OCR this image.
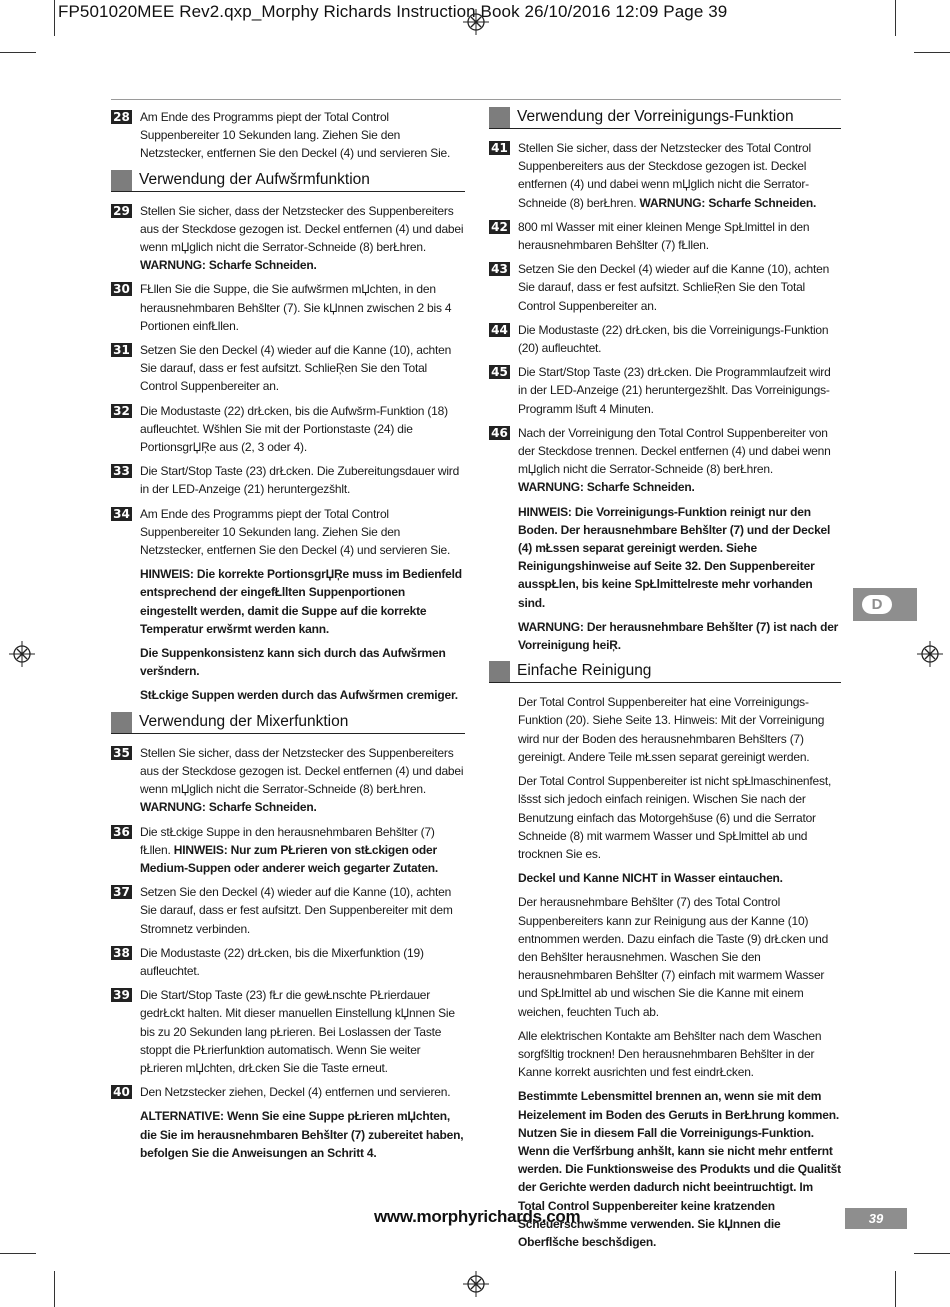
FP501020MEE Rev2.qxp_Morphy Richards Instruction Book 26/10/2016 12:09 Page 39
28 Am Ende des Programms piept der Total Control Suppenbereiter 10 Sekunden lang. Ziehen Sie den Netzstecker, entfernen Sie den Deckel (4) und servieren Sie.
Verwendung der Aufwšrmfunktion
29 Stellen Sie sicher, dass der Netzstecker des Suppenbereiters aus der Steckdose gezogen ist. Deckel entfernen (4) und dabei wenn mЏglich nicht die Serrator-Schneide (8) berŁhren. WARNUNG: Scharfe Schneiden.
30 FŁllen Sie die Suppe, die Sie aufwšrmen mЏchten, in den herausnehmbaren Behšlter (7). Sie kЏnnen zwischen 2 bis 4 Portionen einfŁllen.
31 Setzen Sie den Deckel (4) wieder auf die Kanne (10), achten Sie darauf, dass er fest aufsitzt. SchlieŖen Sie den Total Control Suppenbereiter an.
32 Die Modustaste (22) drŁcken, bis die Aufwšrm-Funktion (18) aufleuchtet. Wšhlen Sie mit der Portionstaste (24) die PortionsgrЏŖe aus (2, 3 oder 4).
33 Die Start/Stop Taste (23) drŁcken. Die Zubereitungsdauer wird in der LED-Anzeige (21) heruntergezšhlt.
34 Am Ende des Programms piept der Total Control Suppenbereiter 10 Sekunden lang. Ziehen Sie den Netzstecker, entfernen Sie den Deckel (4) und servieren Sie.
HINWEIS: Die korrekte PortionsgrЏŖe muss im Bedienfeld entsprechend der eingefŁllten Suppenportionen eingestellt werden, damit die Suppe auf die korrekte Temperatur erwšrmt werden kann.
Die Suppenkonsistenz kann sich durch das Aufwšrmen veršndern.
StŁckige Suppen werden durch das Aufwšrmen cremiger.
Verwendung der Mixerfunktion
35 Stellen Sie sicher, dass der Netzstecker des Suppenbereiters aus der Steckdose gezogen ist. Deckel entfernen (4) und dabei wenn mЏglich nicht die Serrator-Schneide (8) berŁhren. WARNUNG: Scharfe Schneiden.
36 Die stŁckige Suppe in den herausnehmbaren Behšlter (7) fŁllen. HINWEIS: Nur zum PŁrieren von stŁckigen oder Medium-Suppen oder anderer weich gegarter Zutaten.
37 Setzen Sie den Deckel (4) wieder auf die Kanne (10), achten Sie darauf, dass er fest aufsitzt. Den Suppenbereiter mit dem Stromnetz verbinden.
38 Die Modustaste (22) drŁcken, bis die Mixerfunktion (19) aufleuchtet.
39 Die Start/Stop Taste (23) fŁr die gewŁnschte PŁrierdauer gedrŁckt halten. Mit dieser manuellen Einstellung kЏnnen Sie bis zu 20 Sekunden lang pŁrieren. Bei Loslassen der Taste stoppt die PŁrierfunktion automatisch. Wenn Sie weiter pŁrieren mЏchten, drŁcken Sie die Taste erneut.
40 Den Netzstecker ziehen, Deckel (4) entfernen und servieren.
ALTERNATIVE: Wenn Sie eine Suppe pŁrieren mЏchten, die Sie im herausnehmbaren Behšlter (7) zubereitet haben, befolgen Sie die Anweisungen an Schritt 4.
Verwendung der Vorreinigungs-Funktion
41 Stellen Sie sicher, dass der Netzstecker des Total Control Suppenbereiters aus der Steckdose gezogen ist. Deckel entfernen (4) und dabei wenn mЏglich nicht die Serrator-Schneide (8) berŁhren. WARNUNG: Scharfe Schneiden.
42 800 ml Wasser mit einer kleinen Menge SpŁlmittel in den herausnehmbaren Behšlter (7) fŁllen.
43 Setzen Sie den Deckel (4) wieder auf die Kanne (10), achten Sie darauf, dass er fest aufsitzt. SchlieŖen Sie den Total Control Suppenbereiter an.
44 Die Modustaste (22) drŁcken, bis die Vorreinigungs-Funktion (20) aufleuchtet.
45 Die Start/Stop Taste (23) drŁcken. Die Programmlaufzeit wird in der LED-Anzeige (21) heruntergezšhlt. Das Vorreinigungs-Programm lšuft 4 Minuten.
46 Nach der Vorreinigung den Total Control Suppenbereiter von der Steckdose trennen. Deckel entfernen (4) und dabei wenn mЏglich nicht die Serrator-Schneide (8) berŁhren. WARNUNG: Scharfe Schneiden.
HINWEIS: Die Vorreinigungs-Funktion reinigt nur den Boden. Der herausnehmbare Behšlter (7) und der Deckel (4) mŁssen separat gereinigt werden. Siehe Reinigungshinweise auf Seite 32. Den Suppenbereiter ausspŁlen, bis keine SpŁlmittelreste mehr vorhanden sind.
WARNUNG: Der herausnehmbare Behšlter (7) ist nach der Vorreinigung heiŖ.
Einfache Reinigung
Der Total Control Suppenbereiter hat eine Vorreinigungs-Funktion (20). Siehe Seite 13. Hinweis: Mit der Vorreinigung wird nur der Boden des herausnehmbaren Behšlters (7) gereinigt. Andere Teile mŁssen separat gereinigt werden.
Der Total Control Suppenbereiter ist nicht spŁlmaschinenfest, lšsst sich jedoch einfach reinigen. Wischen Sie nach der Benutzung einfach das Motorgehšuse (6) und die Serrator Schneide (8) mit warmem Wasser und SpŁlmittel ab und trocknen Sie es.
Deckel und Kanne NICHT in Wasser eintauchen.
Der herausnehmbare Behšlter (7) des Total Control Suppenbereiters kann zur Reinigung aus der Kanne (10) entnommen werden. Dazu einfach die Taste (9) drŁcken und den Behšlter herausnehmen. Waschen Sie den herausnehmbaren Behšlter (7) einfach mit warmem Wasser und SpŁlmittel ab und wischen Sie die Kanne mit einem weichen, feuchten Tuch ab.
Alle elektrischen Kontakte am Behšlter nach dem Waschen sorgfšltig trocknen! Den herausnehmbaren Behšlter in der Kanne korrekt ausrichten und fest eindrŁcken.
Bestimmte Lebensmittel brennen an, wenn sie mit dem Heizelement im Boden des Gerшts in BerŁhrung kommen. Nutzen Sie in diesem Fall die Vorreinigungs-Funktion. Wenn die Verfšrbung anhšlt, kann sie nicht mehr entfernt werden. Die Funktionsweise des Produkts und die Qualitšt der Gerichte werden dadurch nicht beeintrшchtigt. Im Total Control Suppenbereiter keine kratzenden Scheuerschwšmme verwenden. Sie kЏnnen die Oberflšche beschšdigen.
D
www.morphyrichards.com	39
